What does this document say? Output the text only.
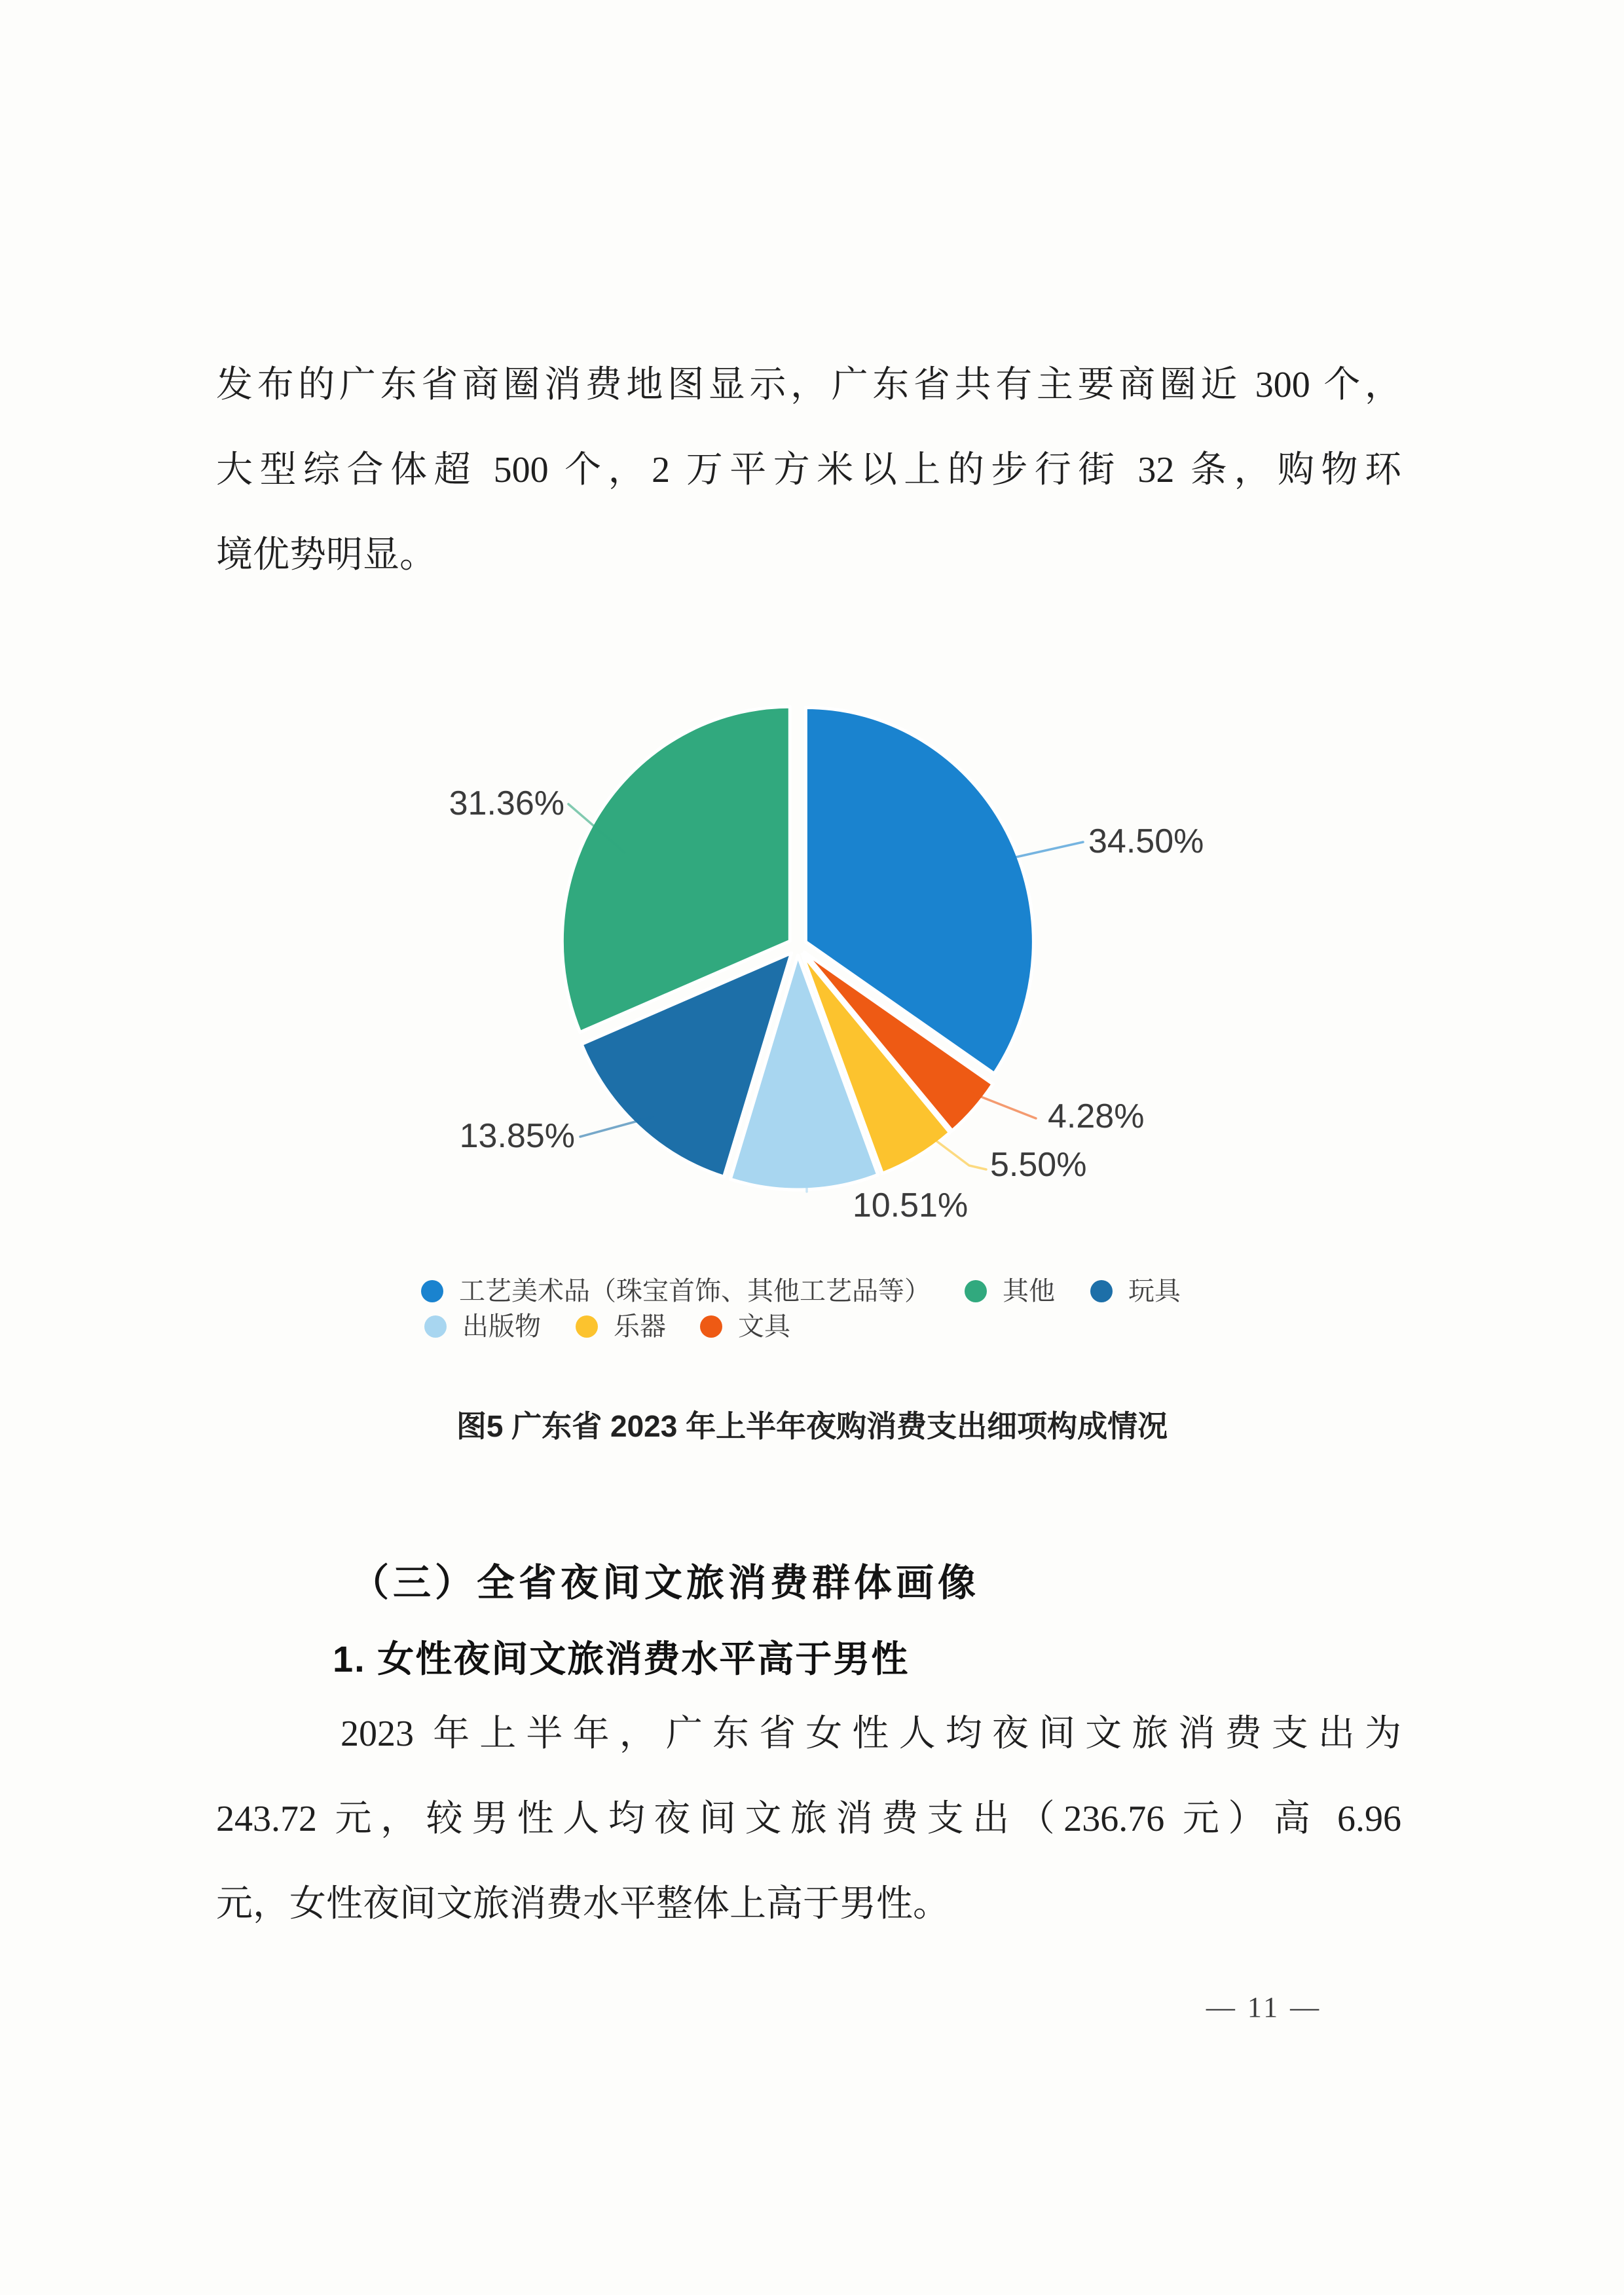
发布的广东省商圈消费地图显示，广东省共有主要商圈近 300 个，
大型综合体超 500 个，2 万平方米以上的步行街 32 条，购物环
境优势明显。
34.50%
4.28%
5.50%
10.51%
13.85%
31.36%
工艺美术品（珠宝首饰、其他工艺品等）	其他	玩具
出版物	乐器	文具
图5 广东省 2023 年上半年夜购消费支出细项构成情况
（三）全省夜间文旅消费群体画像
1. 女性夜间文旅消费水平高于男性
2023 年上半年，广东省女性人均夜间文旅消费支出为
243.72 元，较男性人均夜间文旅消费支出（236.76 元）高 6.96
元，女性夜间文旅消费水平整体上高于男性。
— 11 —
